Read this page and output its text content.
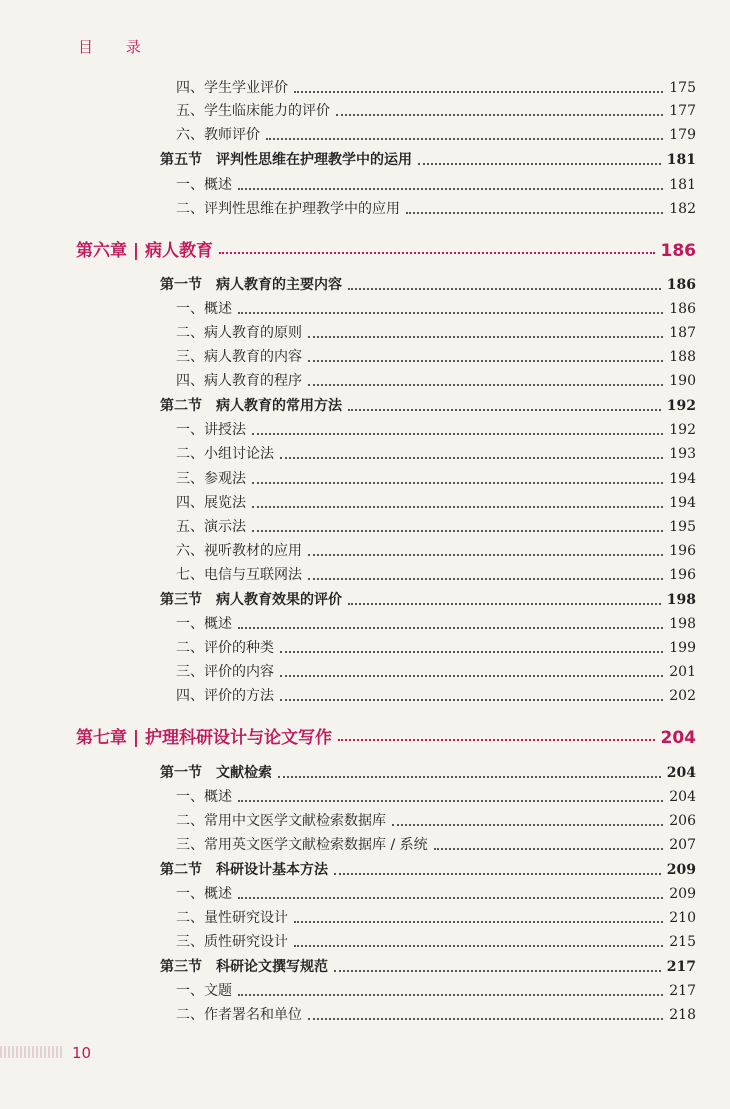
目 录
四、学生学业评价	175
五、学生临床能力的评价	177
六、教师评价	179
第五节　评判性思维在护理教学中的运用	181
一、概述	181
二、评判性思维在护理教学中的应用	182
第六章 | 病人教育	186
第一节　病人教育的主要内容	186
一、概述	186
二、病人教育的原则	187
三、病人教育的内容	188
四、病人教育的程序	190
第二节　病人教育的常用方法	192
一、讲授法	192
二、小组讨论法	193
三、参观法	194
四、展览法	194
五、演示法	195
六、视听教材的应用	196
七、电信与互联网法	196
第三节　病人教育效果的评价	198
一、概述	198
二、评价的种类	199
三、评价的内容	201
四、评价的方法	202
第七章 | 护理科研设计与论文写作	204
第一节　文献检索	204
一、概述	204
二、常用中文医学文献检索数据库	206
三、常用英文医学文献检索数据库 / 系统	207
第二节　科研设计基本方法	209
一、概述	209
二、量性研究设计	210
三、质性研究设计	215
第三节　科研论文撰写规范	217
一、文题	217
二、作者署名和单位	218
10
